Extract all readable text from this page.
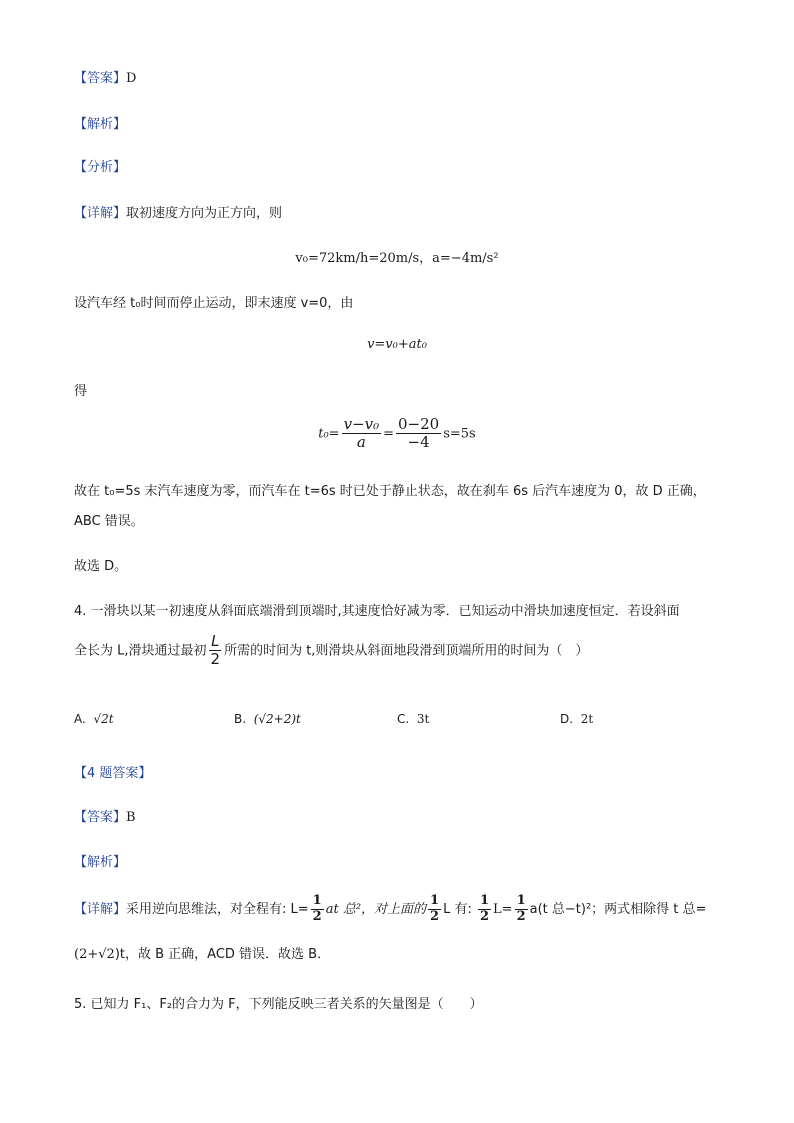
【答案】D
【解析】
【分析】
【详解】取初速度方向为正方向，则
v₀=72km/h=20m/s，a=−4m/s²
设汽车经 t₀时间而停止运动，即末速度 v=0，由
v=v₀+at₀
得
$t_0= \frac{\text{v−v₀}}{a} = \frac{0-20}{-4} s=5s$
故在 t₀=5s 末汽车速度为零，而汽车在 t=6s 时已处于静止状态，故在刹车 6s 后汽车速度为 0，故 D 正确，
ABC 错误。
故选 D。
4. 一滑块以某一初速度从斜面底端滑到顶端时,其速度恰好减为零．已知运动中滑块加速度恒定．若设斜面
全长为 L,滑块通过最初 $\frac{L}{2}$ 所需的时间为 t,则滑块从斜面地段滑到顶端所用的时间为（　）
A. √2t	B. (√2+2)t	C. 3t	D. 2t
【4 题答案】
【答案】B
【解析】
【详解】采用逆向思维法，对全程有: $L= \frac{1}{2}$ at 总²，对上面的 $\frac{1}{2}$ L 有: $\frac{1}{2} L= \frac{1}{2} a(t$ 总−t)²；两式相除得 t 总=
(2+√2)t，故 B 正确，ACD 错误．故选 B．
5. 已知力 F₁、F₂的合力为 F，下列能反映三者关系的矢量图是（　　）
